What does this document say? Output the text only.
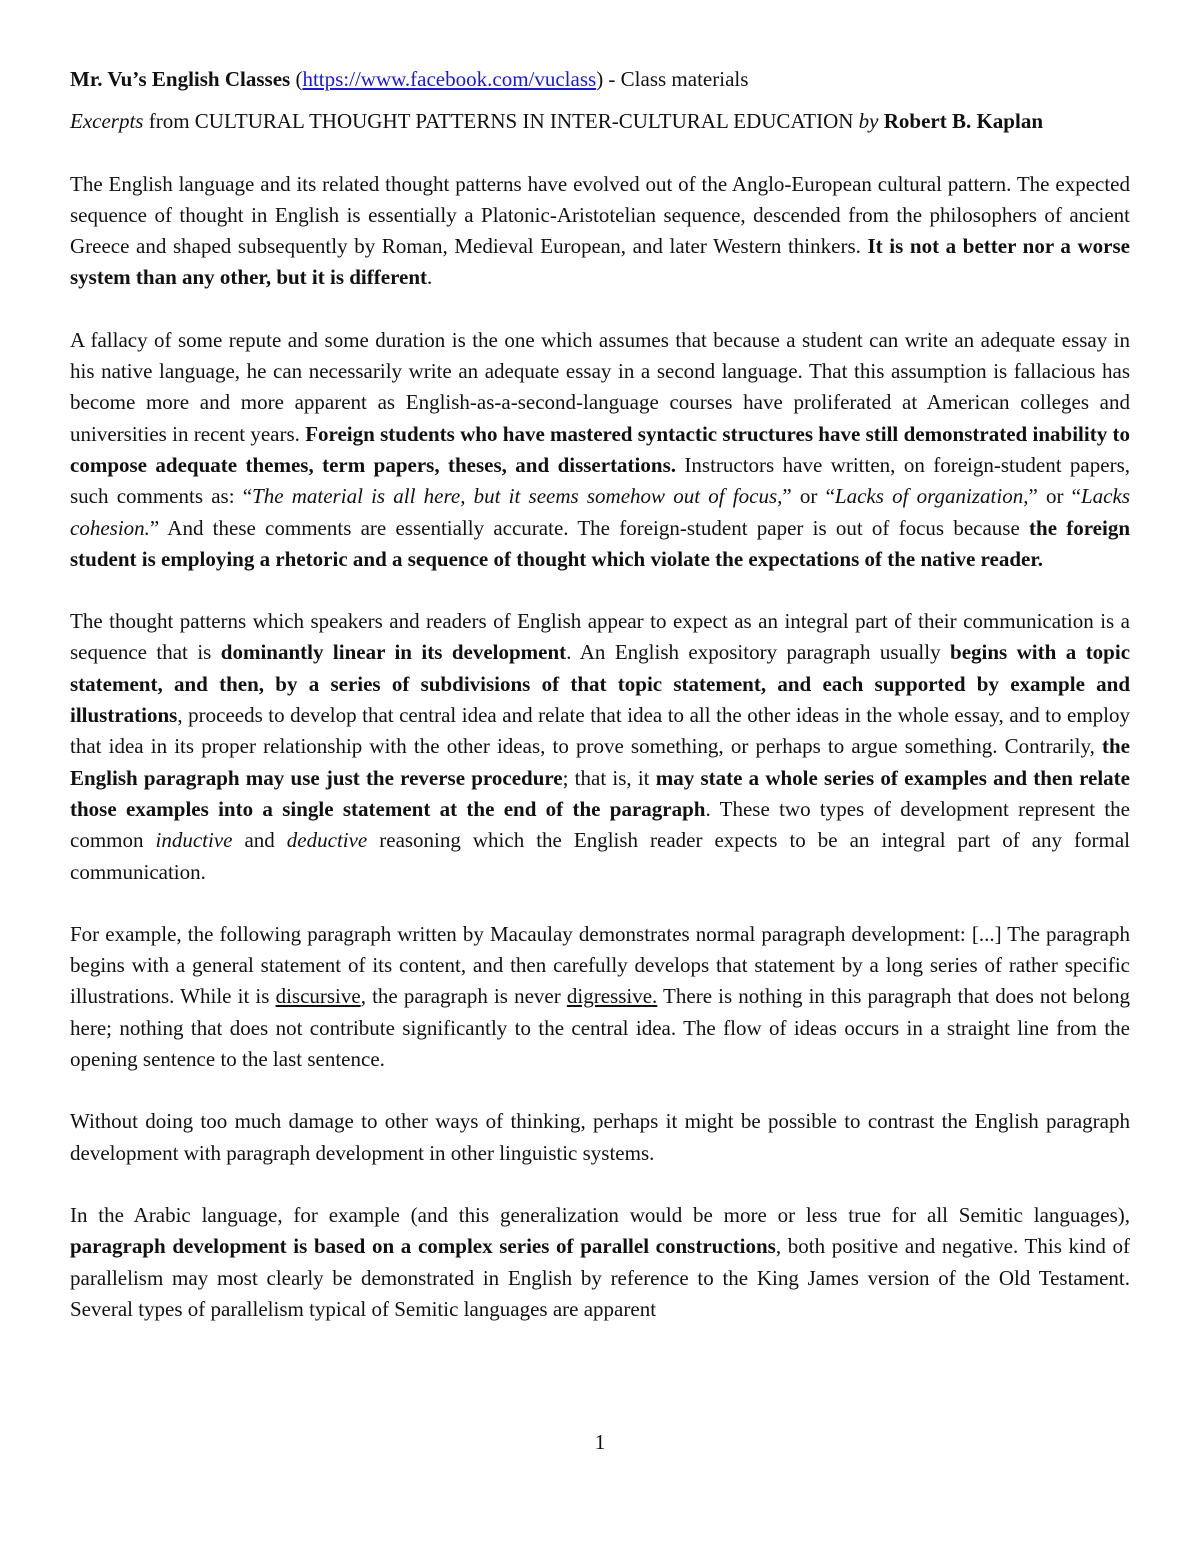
Mr. Vu’s English Classes (https://www.facebook.com/vuclass) - Class materials

Excerpts from CULTURAL THOUGHT PATTERNS IN INTER-CULTURAL EDUCATION by Robert B. Kaplan

The English language and its related thought patterns have evolved out of the Anglo-European cultural pattern. The expected sequence of thought in English is essentially a Platonic-Aristotelian sequence, descended from the philosophers of ancient Greece and shaped subsequently by Roman, Medieval European, and later Western thinkers. It is not a better nor a worse system than any other, but it is different.

A fallacy of some repute and some duration is the one which assumes that because a student can write an adequate essay in his native language, he can necessarily write an adequate essay in a second language. That this assumption is fallacious has become more and more apparent as English-as-a-second-language courses have proliferated at American colleges and universities in recent years. Foreign students who have mastered syntactic structures have still demonstrated inability to compose adequate themes, term papers, theses, and dissertations. Instructors have written, on foreign-student papers, such comments as: “The material is all here, but it seems somehow out of focus,” or “Lacks of organization,” or “Lacks cohesion.” And these comments are essentially accurate. The foreign-student paper is out of focus because the foreign student is employing a rhetoric and a sequence of thought which violate the expectations of the native reader.

The thought patterns which speakers and readers of English appear to expect as an integral part of their communication is a sequence that is dominantly linear in its development. An English expository paragraph usually begins with a topic statement, and then, by a series of subdivisions of that topic statement, and each supported by example and illustrations, proceeds to develop that central idea and relate that idea to all the other ideas in the whole essay, and to employ that idea in its proper relationship with the other ideas, to prove something, or perhaps to argue something. Contrarily, the English paragraph may use just the reverse procedure; that is, it may state a whole series of examples and then relate those examples into a single statement at the end of the paragraph. These two types of development represent the common inductive and deductive reasoning which the English reader expects to be an integral part of any formal communication.

For example, the following paragraph written by Macaulay demonstrates normal paragraph development: [...] The paragraph begins with a general statement of its content, and then carefully develops that statement by a long series of rather specific illustrations. While it is discursive, the paragraph is never digressive. There is nothing in this paragraph that does not belong here; nothing that does not contribute significantly to the central idea. The flow of ideas occurs in a straight line from the opening sentence to the last sentence.

Without doing too much damage to other ways of thinking, perhaps it might be possible to contrast the English paragraph development with paragraph development in other linguistic systems.

In the Arabic language, for example (and this generalization would be more or less true for all Semitic languages), paragraph development is based on a complex series of parallel constructions, both positive and negative. This kind of parallelism may most clearly be demonstrated in English by reference to the King James version of the Old Testament. Several types of parallelism typical of Semitic languages are apparent

1
